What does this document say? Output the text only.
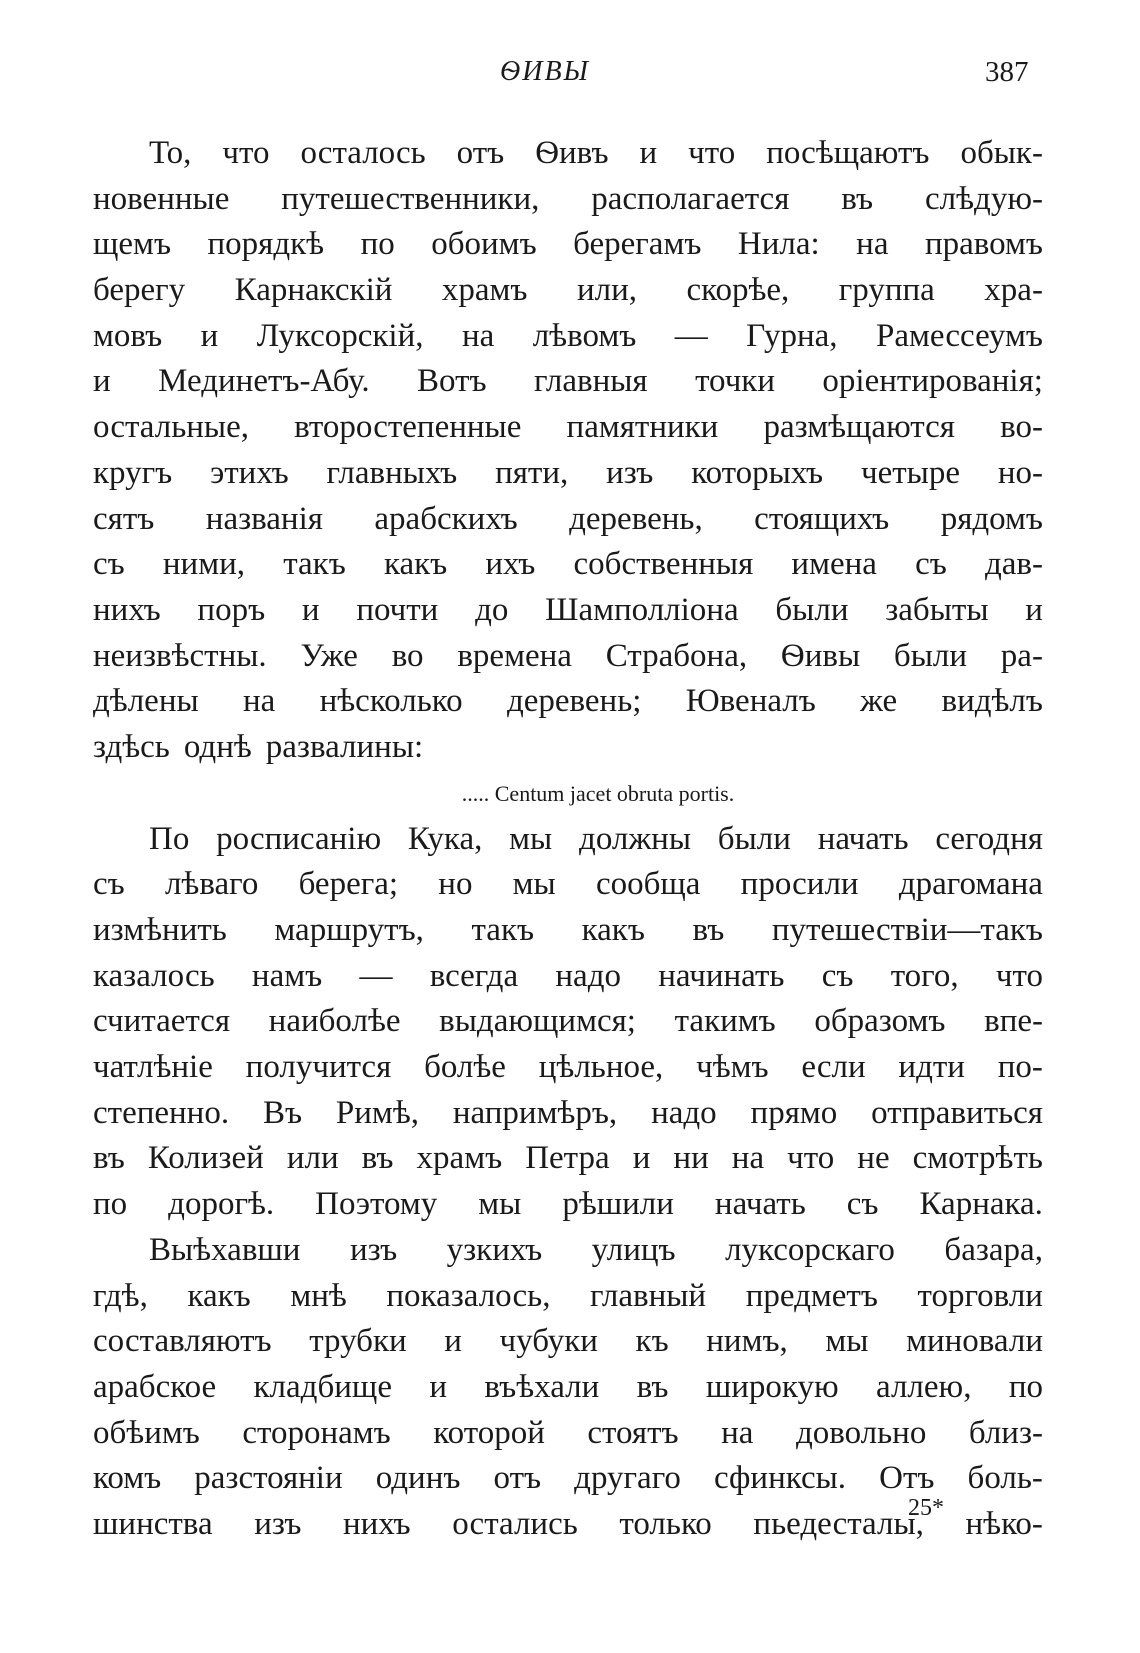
ѲИВЫ	387
То, что осталось отъ Ѳивъ и что посѣщаютъ обык-
новенные путешественники, располагается въ слѣдую-
щемъ порядкѣ по обоимъ берегамъ Нила: на правомъ
берегу Карнакскій храмъ или, скорѣе, группа хра-
мовъ и Луксорскій, на лѣвомъ — Гурна, Рамессеумъ
и Мединетъ-Абу. Вотъ главныя точки оріентированія;
остальные, второстепенные памятники размѣщаются во-
кругъ этихъ главныхъ пяти, изъ которыхъ четыре но-
сятъ названія арабскихъ деревень, стоящихъ рядомъ
съ ними, такъ какъ ихъ собственныя имена съ дав-
нихъ поръ и почти до Шамполліона были забыты и
неизвѣстны. Уже во времена Страбона, Ѳивы были ра-
дѣлены на нѣсколько деревень; Ювеналъ же видѣлъ
здѣсь однѣ развалины:
..... Centum jacet obruta portis.
По росписанію Кука, мы должны были начать сегодня
съ лѣваго берега; но мы сообща просили драгомана
измѣнить маршрутъ, такъ какъ въ путешествіи—такъ
казалось намъ — всегда надо начинать съ того, что
считается наиболѣе выдающимся; такимъ образомъ впе-
чатлѣніе получится болѣе цѣльное, чѣмъ если идти по-
степенно. Въ Римѣ, напримѣръ, надо прямо отправиться
въ Колизей или въ храмъ Петра и ни на что не смотрѣть
по дорогѣ. Поэтому мы рѣшили начать съ Карнака.
Выѣхавши изъ узкихъ улицъ луксорскаго базара,
гдѣ, какъ мнѣ показалось, главный предметъ торговли
составляютъ трубки и чубуки къ нимъ, мы миновали
арабское кладбище и въѣхали въ широкую аллею, по
обѣимъ сторонамъ которой стоятъ на довольно близ-
комъ разстояніи одинъ отъ другаго сфинксы. Отъ боль-
шинства изъ нихъ остались только пьедесталы, нѣко-
25*
